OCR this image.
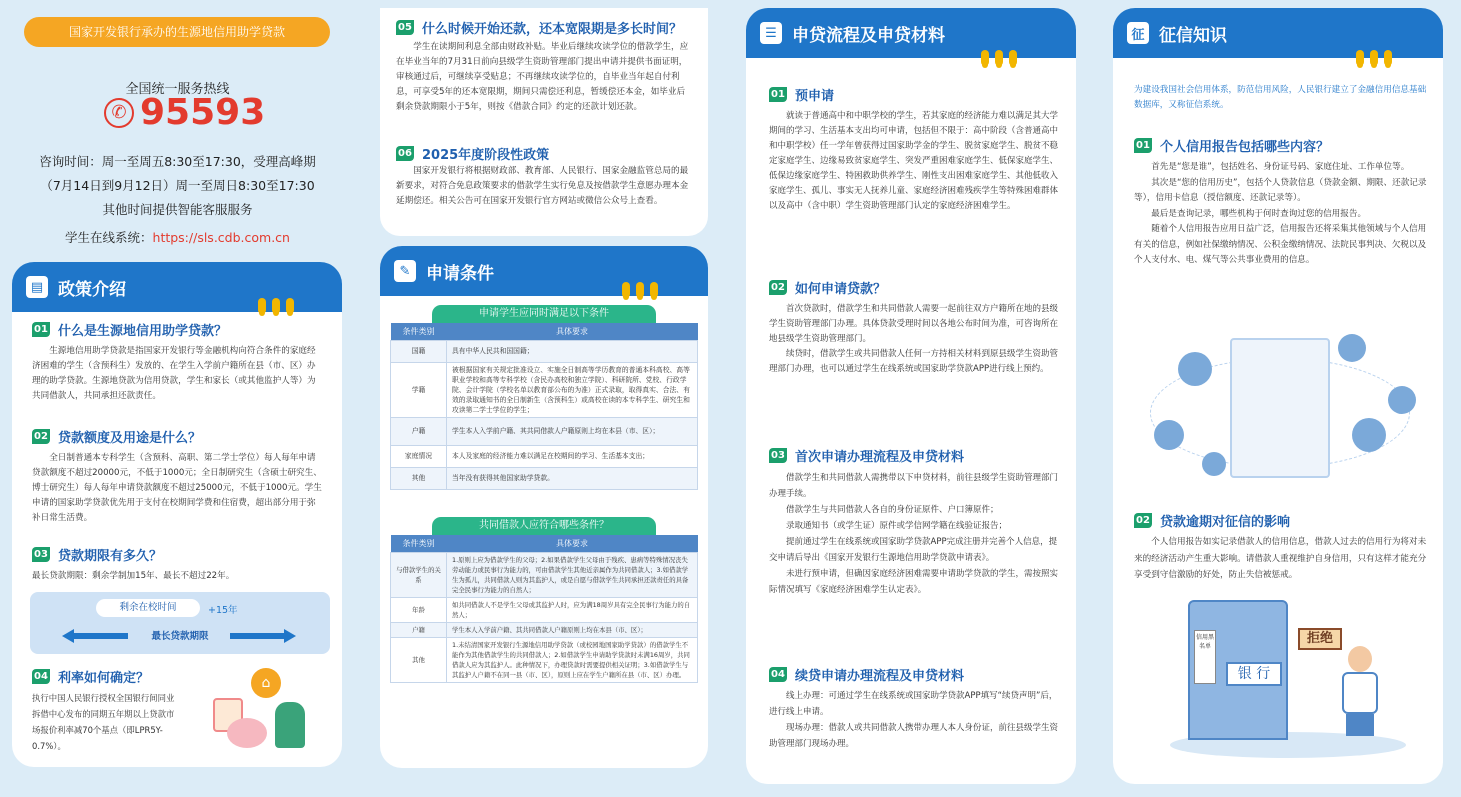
国家开发银行承办的生源地信用助学贷款
全国统一服务热线
✆ 95593
咨询时间：周一至周五8:30至17:30，受理高峰期
（7月14日到9月12日）周一至周日8:30至17:30
其他时间提供智能客服服务
学生在线系统：https://sls.cdb.com.cn
▤ 政策介绍
01 什么是生源地信用助学贷款？

生源地信用助学贷款是指国家开发银行等金融机构向符合条件的家庭经济困难的学生（含预科生）发放的、在学生入学前户籍所在县（市、区）办理的助学贷款。生源地贷款为信用贷款，学生和家长（或其他监护人等）为共同借款人，共同承担还款责任。

02 贷款额度及用途是什么？

全日制普通本专科学生（含预科、高职、第二学士学位）每人每年申请贷款额度不超过20000元，不低于1000元；全日制研究生（含硕士研究生、博士研究生）每人每年申请贷款额度不超过25000元，不低于1000元。学生申请的国家助学贷款优先用于支付在校期间学费和住宿费，超出部分用于弥补日常生活费。

03 贷款期限有多久？
最长贷款期限：剩余学制加15年、最长不超过22年。
剩余在校时间	+15年
最长贷款期限
04 利率如何确定？
执行中国人民银行授权全国银行间同业拆借中心发布的同期五年期以上贷款市场报价利率减70个基点（即LPR5Y-0.7%）。
⌂
05 什么时候开始还款，还本宽限期是多长时间？

学生在读期间利息全部由财政补贴。毕业后继续攻读学位的借款学生，应在毕业当年的7月31日前向县级学生资助管理部门提出申请并提供书面证明，审核通过后，可继续享受贴息；不再继续攻读学位的，自毕业当年起自付利息，可享受5年的还本宽限期，期间只需偿还利息，暂缓偿还本金，如毕业后剩余贷款期限小于5年，则按《借款合同》约定的还款计划还款。

06 2025年度阶段性政策

国家开发银行将根据财政部、教育部、人民银行、国家金融监管总局的最新要求，对符合免息政策要求的借款学生实行免息及按借款学生意愿办理本金延期偿还。相关公告可在国家开发银行官方网站或微信公众号上查看。

✎ 申请条件
申请学生应同时满足以下条件
条件类别	具体要求
国籍	具有中华人民共和国国籍；
学籍	被根据国家有关规定批准设立、实施全日制高等学历教育的普通本科高校、高等职业学校和高等专科学校（含民办高校和独立学院）、科研院所、党校、行政学院、会计学院（学校名单以教育部公布的为准）正式录取，取得真实、合法、有效的录取通知书的全日制新生（含预科生）或高校在读的本专科学生、研究生和攻读第二学士学位的学生；
户籍	学生本人入学前户籍、其共同借款人户籍原则上均在本县（市、区）；
家庭情况	本人及家庭的经济能力难以满足在校期间的学习、生活基本支出；
其他	当年没有获得其他国家助学贷款。
共同借款人应符合哪些条件？
条件类别	具体要求
与借款学生的关系	1.原则上应为借款学生的父母；2.如果借款学生父母由于残疾、患病等特殊情况丧失劳动能力或民事行为能力的，可由借款学生其他近亲属作为共同借款人；3.如借款学生为孤儿，共同借款人则为其监护人，或是自愿与借款学生共同承担还款责任的具备完全民事行为能力的自然人；
年龄	如共同借款人不是学生父母或其监护人时，应为满18周岁具有完全民事行为能力的自然人；
户籍	学生本人入学前户籍、其共同借款人户籍原则上均在本县（市、区）；
其他	1.未结清国家开发银行生源地信用助学贷款（或校园地国家助学贷款）的借款学生不能作为其他借款学生的共同借款人；2.如借款学生申请助学贷款时未满16周岁，共同借款人应为其监护人。此种情况下，办理贷款时需要提供相关证明；3.如借款学生与其监护人户籍不在同一县（市、区），原则上应在学生户籍所在县（市、区）办理。
☰ 申贷流程及申贷材料
01 预申请

就读于普通高中和中职学校的学生，若其家庭的经济能力难以满足其大学期间的学习、生活基本支出均可申请，包括但不限于：高中阶段（含普通高中和中职学校）任一学年曾获得过国家助学金的学生、脱贫家庭学生、脱贫不稳定家庭学生、边缘易致贫家庭学生、突发严重困难家庭学生、低保家庭学生、低保边缘家庭学生、特困救助供养学生、刚性支出困难家庭学生、其他低收入家庭学生、孤儿、事实无人抚养儿童、家庭经济困难残疾学生等特殊困难群体以及高中（含中职）学生资助管理部门认定的家庭经济困难学生。

02 如何申请贷款？

首次贷款时，借款学生和共同借款人需要一起前往双方户籍所在地的县级学生资助管理部门办理。具体贷款受理时间以各地公布时间为准，可咨询所在地县级学生资助管理部门。

续贷时，借款学生或共同借款人任何一方持相关材料到原县级学生资助管理部门办理，也可以通过学生在线系统或国家助学贷款APP进行线上预约。

03 首次申请办理流程及申贷材料

借款学生和共同借款人需携带以下申贷材料，前往县级学生资助管理部门办理手续。

借款学生与共同借款人各自的身份证原件、户口簿原件；

录取通知书（或学生证）原件或学信网学籍在线验证报告；

提前通过学生在线系统或国家助学贷款APP完成注册并完善个人信息，提交申请后导出《国家开发银行生源地信用助学贷款申请表》。

未进行预申请，但确因家庭经济困难需要申请助学贷款的学生，需按照实际情况填写《家庭经济困难学生认定表》。

04 续贷申请办理流程及申贷材料

线上办理：可通过学生在线系统或国家助学贷款APP填写“续贷声明”后，进行线上申请。

现场办理：借款人或共同借款人携带办理人本人身份证，前往县级学生资助管理部门现场办理。

征 征信知识
为建设我国社会信用体系，防范信用风险，人民银行建立了金融信用信息基础数据库，又称征信系统。
01 个人信用报告包括哪些内容？

首先是“您是谁”，包括姓名、身份证号码、家庭住址、工作单位等。

其次是“您的信用历史”，包括个人贷款信息（贷款金额、期限、还款记录等），信用卡信息（授信额度、还款记录等）。

最后是查询记录，哪些机构于何时查询过您的信用报告。

随着个人信用报告应用日益广泛，信用报告还将采集其他领域与个人信用有关的信息，例如社保缴纳情况、公积金缴纳情况、法院民事判决、欠税以及个人支付水、电、煤气等公共事业费用的信息。

02 贷款逾期对征信的影响

个人信用报告如实记录借款人的信用信息，借款人过去的信用行为将对未来的经济活动产生重大影响。请借款人重视维护自身信用，只有这样才能充分享受到守信激励的好处，防止失信被惩戒。

银 行
信用黑名单
拒绝
